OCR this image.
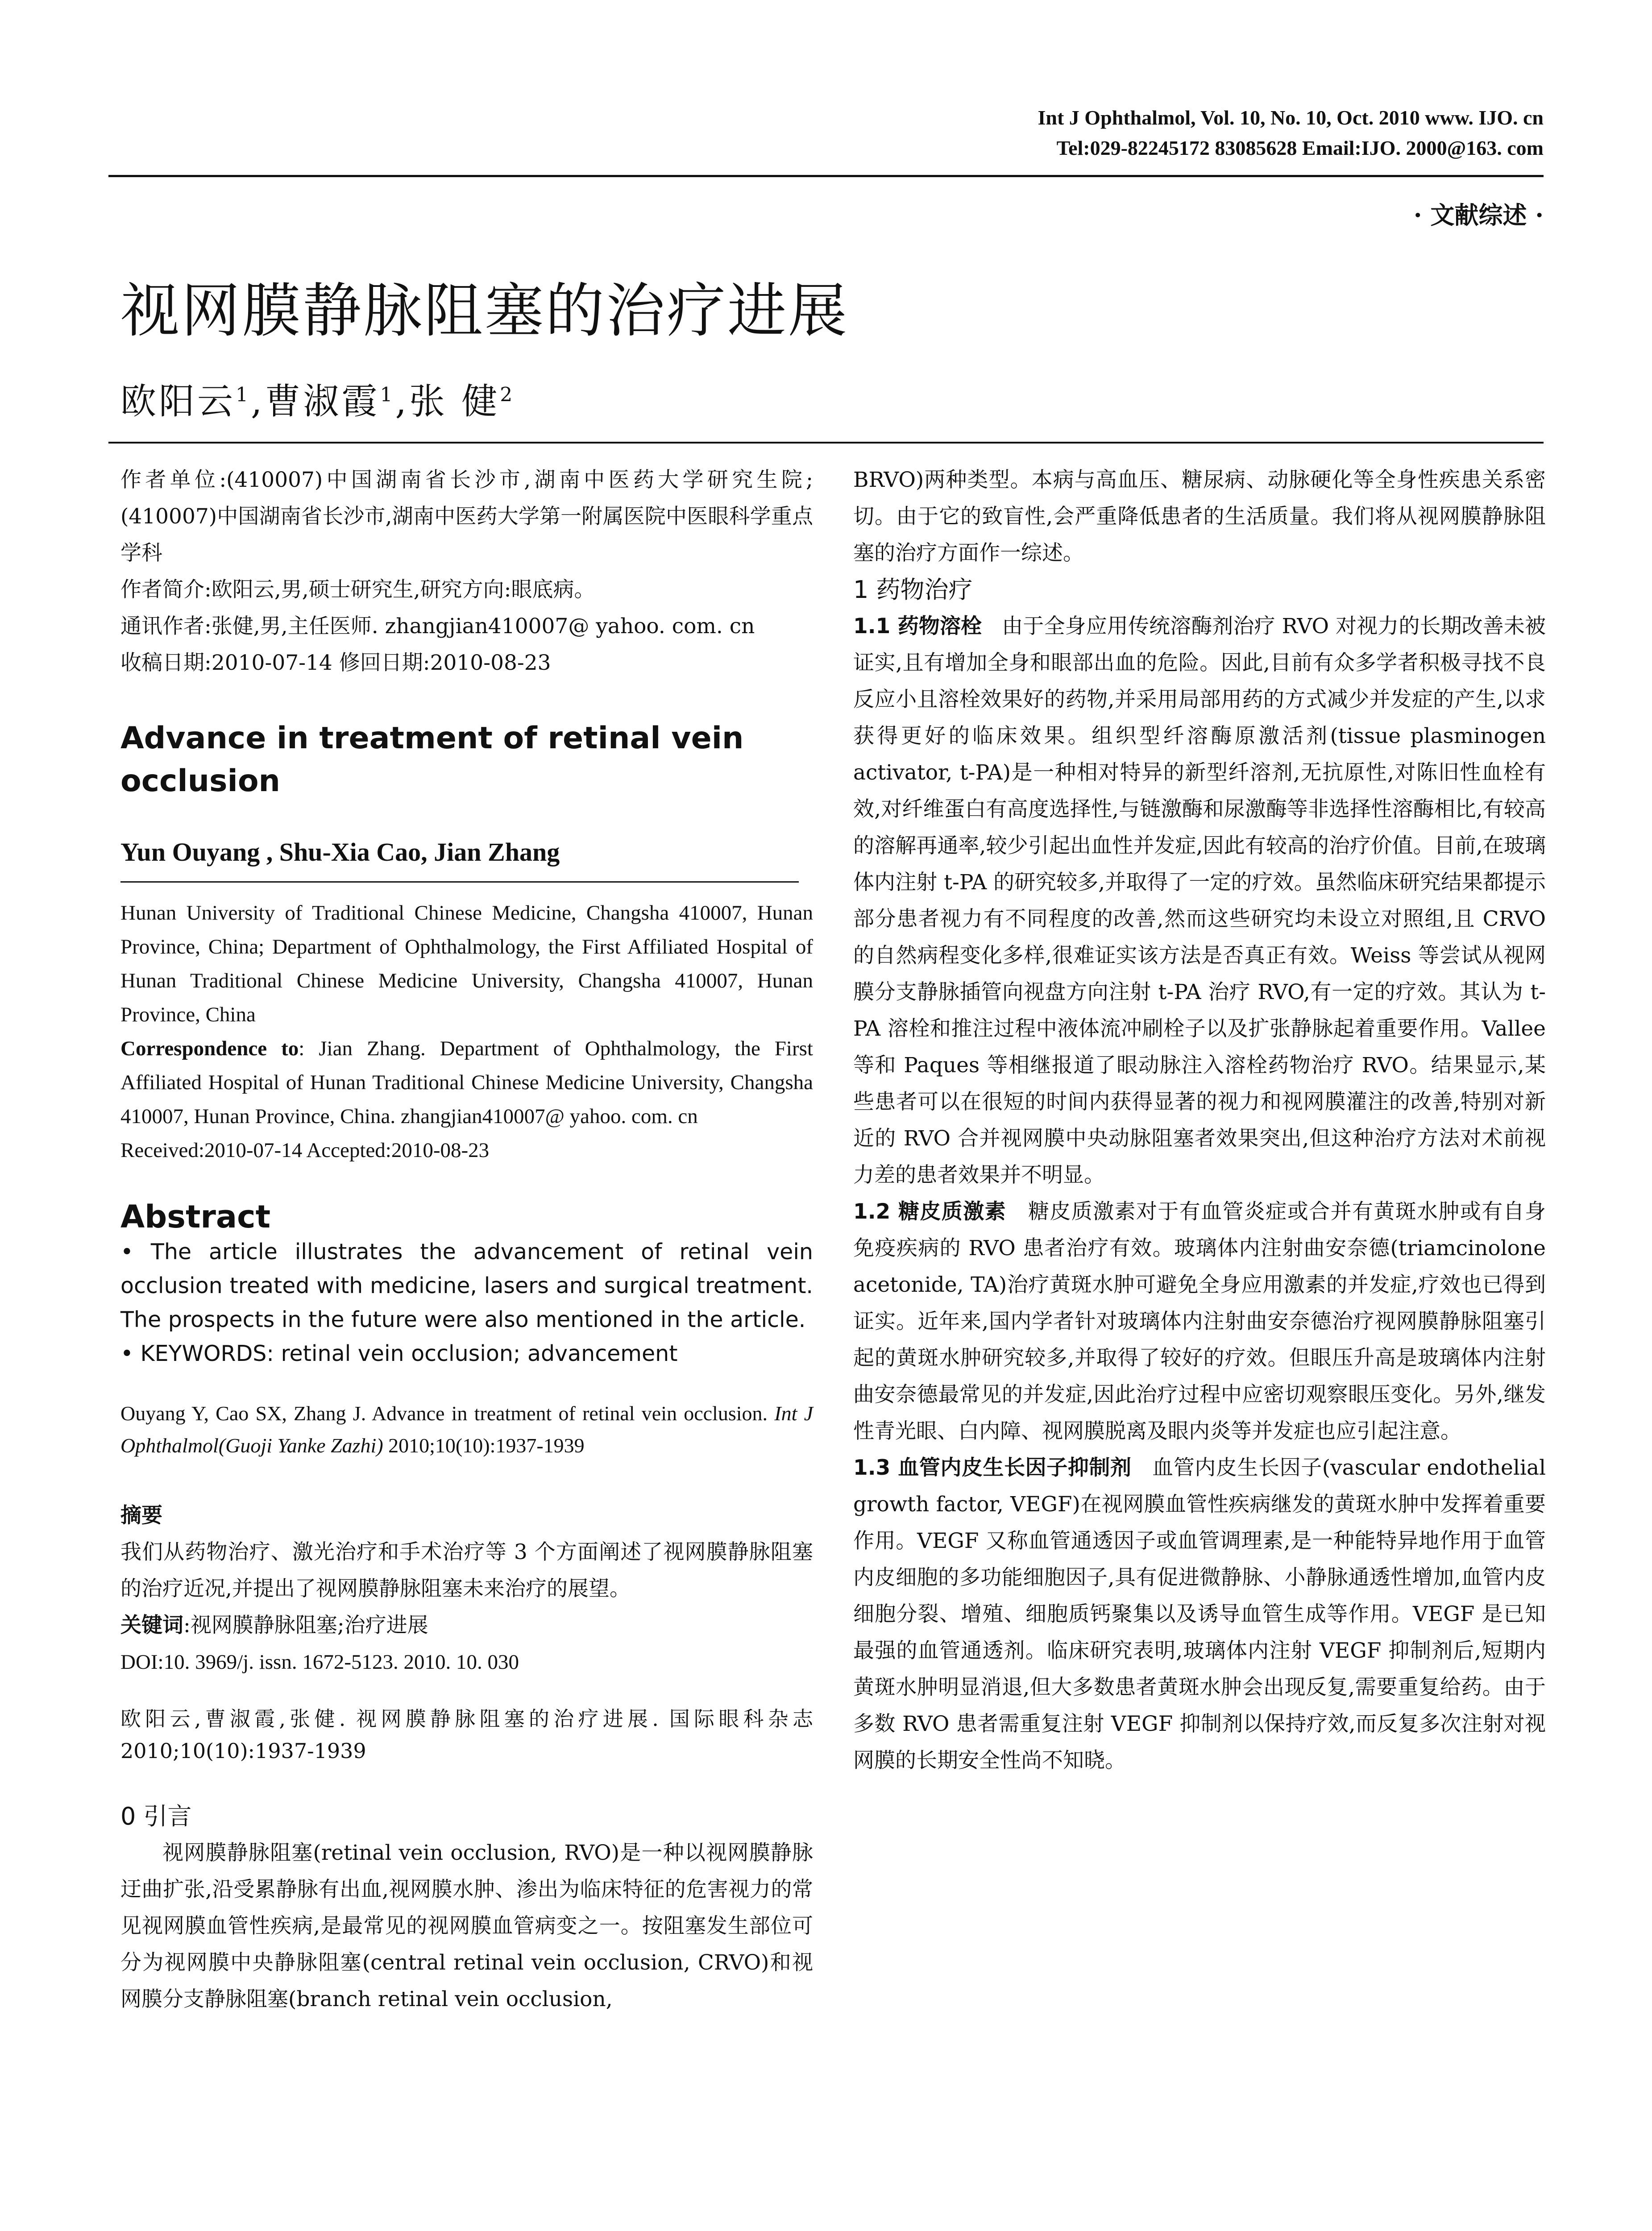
Int J Ophthalmol, Vol. 10, No. 10, Oct. 2010 www. IJO. cn
Tel:029-82245172 83085628 Email:IJO. 2000@163. com
· 文献综述 ·
视网膜静脉阻塞的治疗进展
欧阳云$^1$,曹淑霞$^1$,张 健$^2$

作者单位:(410007)中国湖南省长沙市,湖南中医药大学研究生院;(410007)中国湖南省长沙市,湖南中医药大学第一附属医院中医眼科学重点学科

作者简介:欧阳云,男,硕士研究生,研究方向:眼底病。

通讯作者:张健,男,主任医师. zhangjian410007@ yahoo. com. cn

收稿日期:2010-07-14 修回日期:2010-08-23

Advance in treatment of retinal vein occlusion

Yun Ouyang , Shu-Xia Cao, Jian Zhang

Hunan University of Traditional Chinese Medicine, Changsha 410007, Hunan Province, China; Department of Ophthalmology, the First Affiliated Hospital of Hunan Traditional Chinese Medicine University, Changsha 410007, Hunan Province, China

Correspondence to: Jian Zhang. Department of Ophthalmology, the First Affiliated Hospital of Hunan Traditional Chinese Medicine University, Changsha 410007, Hunan Province, China. zhangjian410007@ yahoo. com. cn

Received:2010-07-14 Accepted:2010-08-23

Abstract

• The article illustrates the advancement of retinal vein occlusion treated with medicine, lasers and surgical treatment. The prospects in the future were also mentioned in the article.

• KEYWORDS: retinal vein occlusion; advancement

Ouyang Y, Cao SX, Zhang J. Advance in treatment of retinal vein occlusion. Int J Ophthalmol(Guoji Yanke Zazhi) 2010;10(10):1937-1939

摘要

我们从药物治疗、激光治疗和手术治疗等 3 个方面阐述了视网膜静脉阻塞的治疗近况,并提出了视网膜静脉阻塞未来治疗的展望。

关键词:视网膜静脉阻塞;治疗进展

DOI:10. 3969/j. issn. 1672-5123. 2010. 10. 030

欧阳云,曹淑霞,张健. 视网膜静脉阻塞的治疗进展. 国际眼科杂志 2010;10(10):1937-1939

0 引言

视网膜静脉阻塞(retinal vein occlusion, RVO)是一种以视网膜静脉迂曲扩张,沿受累静脉有出血,视网膜水肿、渗出为临床特征的危害视力的常见视网膜血管性疾病,是最常见的视网膜血管病变之一。按阻塞发生部位可分为视网膜中央静脉阻塞(central retinal vein occlusion, CRVO)和视网膜分支静脉阻塞(branch retinal vein occlusion,

BRVO)两种类型。本病与高血压、糖尿病、动脉硬化等全身性疾患关系密切。由于它的致盲性,会严重降低患者的生活质量。我们将从视网膜静脉阻塞的治疗方面作一综述。

1 药物治疗

1.1 药物溶栓 由于全身应用传统溶酶剂治疗 RVO 对视力的长期改善未被证实,且有增加全身和眼部出血的危险。因此,目前有众多学者积极寻找不良反应小且溶栓效果好的药物,并采用局部用药的方式减少并发症的产生,以求获得更好的临床效果。组织型纤溶酶原激活剂(tissue plasminogen activator, t-PA)是一种相对特异的新型纤溶剂,无抗原性,对陈旧性血栓有效,对纤维蛋白有高度选择性,与链激酶和尿激酶等非选择性溶酶相比,有较高的溶解再通率,较少引起出血性并发症,因此有较高的治疗价值。目前,在玻璃体内注射 t-PA 的研究较多,并取得了一定的疗效。虽然临床研究结果都提示部分患者视力有不同程度的改善,然而这些研究均未设立对照组,且 CRVO 的自然病程变化多样,很难证实该方法是否真正有效。Weiss 等尝试从视网膜分支静脉插管向视盘方向注射 t-PA 治疗 RVO,有一定的疗效。其认为 t-PA 溶栓和推注过程中液体流冲刷栓子以及扩张静脉起着重要作用。Vallee 等和 Paques 等相继报道了眼动脉注入溶栓药物治疗 RVO。结果显示,某些患者可以在很短的时间内获得显著的视力和视网膜灌注的改善,特别对新近的 RVO 合并视网膜中央动脉阻塞者效果突出,但这种治疗方法对术前视力差的患者效果并不明显。

1.2 糖皮质激素 糖皮质激素对于有血管炎症或合并有黄斑水肿或有自身免疫疾病的 RVO 患者治疗有效。玻璃体内注射曲安奈德(triamcinolone acetonide, TA)治疗黄斑水肿可避免全身应用激素的并发症,疗效也已得到证实。近年来,国内学者针对玻璃体内注射曲安奈德治疗视网膜静脉阻塞引起的黄斑水肿研究较多,并取得了较好的疗效。但眼压升高是玻璃体内注射曲安奈德最常见的并发症,因此治疗过程中应密切观察眼压变化。另外,继发性青光眼、白内障、视网膜脱离及眼内炎等并发症也应引起注意。

1.3 血管内皮生长因子抑制剂 血管内皮生长因子(vascular endothelial growth factor, VEGF)在视网膜血管性疾病继发的黄斑水肿中发挥着重要作用。VEGF 又称血管通透因子或血管调理素,是一种能特异地作用于血管内皮细胞的多功能细胞因子,具有促进微静脉、小静脉通透性增加,血管内皮细胞分裂、增殖、细胞质钙聚集以及诱导血管生成等作用。VEGF 是已知最强的血管通透剂。临床研究表明,玻璃体内注射 VEGF 抑制剂后,短期内黄斑水肿明显消退,但大多数患者黄斑水肿会出现反复,需要重复给药。由于多数 RVO 患者需重复注射 VEGF 抑制剂以保持疗效,而反复多次注射对视网膜的长期安全性尚不知晓。
